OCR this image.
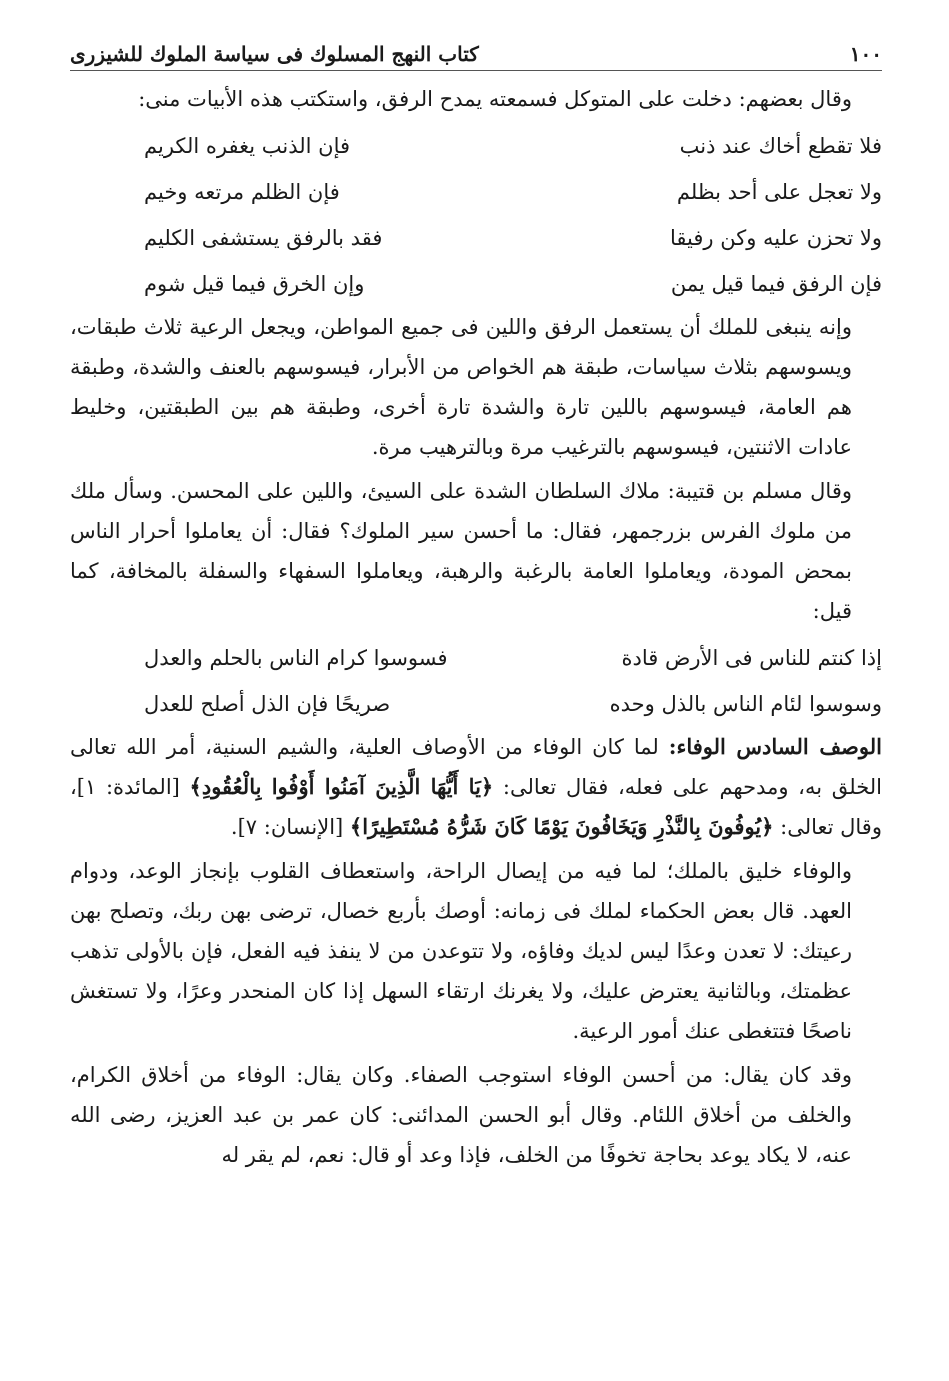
١٠٠
كتاب النهج المسلوك فى سياسة الملوك للشيزرى

وقال بعضهم: دخلت على المتوكل فسمعته يمدح الرفق، واستكتب هذه الأبيات منى:

فلا تقطع أخاك عند ذنب
فإن الذنب يغفره الكريم
ولا تعجل على أحد بظلم
فإن الظلم مرتعه وخيم
ولا تحزن عليه وكن رفيقا
فقد بالرفق يستشفى الكليم
فإن الرفق فيما قيل يمن
وإن الخرق فيما قيل شوم

وإنه ينبغى للملك أن يستعمل الرفق واللين فى جميع المواطن، ويجعل الرعية ثلاث طبقات، ويسوسهم بثلاث سياسات، طبقة هم الخواص من الأبرار، فيسوسهم بالعنف والشدة، وطبقة هم العامة، فيسوسهم باللين تارة والشدة تارة أخرى، وطبقة هم بين الطبقتين، وخليط عادات الاثنتين، فيسوسهم بالترغيب مرة وبالترهيب مرة.

وقال مسلم بن قتيبة: ملاك السلطان الشدة على السيئ، واللين على المحسن. وسأل ملك من ملوك الفرس بزرجمهر، فقال: ما أحسن سير الملوك؟ فقال: أن يعاملوا أحرار الناس بمحض المودة، ويعاملوا العامة بالرغبة والرهبة، ويعاملوا السفهاء والسفلة بالمخافة، كما قيل:

إذا كنتم للناس فى الأرض قادة
فسوسوا كرام الناس بالحلم والعدل
وسوسوا لئام الناس بالذل وحده
صريحًا فإن الذل أصلح للعدل

الوصف السادس الوفاء: لما كان الوفاء من الأوصاف العلية، والشيم السنية، أمر الله تعالى الخلق به، ومدحهم على فعله، فقال تعالى: ﴿يَا أَيُّهَا الَّذِينَ آمَنُوا أَوْفُوا بِالْعُقُودِ﴾ [المائدة: ١]، وقال تعالى: ﴿يُوفُونَ بِالنَّذْرِ وَيَخَافُونَ يَوْمًا كَانَ شَرُّهُ مُسْتَطِيرًا﴾ [الإنسان: ٧].

والوفاء خليق بالملك؛ لما فيه من إيصال الراحة، واستعطاف القلوب بإنجاز الوعد، ودوام العهد. قال بعض الحكماء لملك فى زمانه: أوصك بأربع خصال، ترضى بهن ربك، وتصلح بهن رعيتك: لا تعدن وعدًا ليس لديك وفاؤه، ولا تتوعدن من لا ينفذ فيه الفعل، فإن بالأولى تذهب عظمتك، وبالثانية يعترض عليك، ولا يغرنك ارتقاء السهل إذا كان المنحدر وعرًا، ولا تستغش ناصحًا فتتغطى عنك أمور الرعية.

وقد كان يقال: من أحسن الوفاء استوجب الصفاء. وكان يقال: الوفاء من أخلاق الكرام، والخلف من أخلاق اللئام. وقال أبو الحسن المدائنى: كان عمر بن عبد العزيز، رضى الله عنه، لا يكاد يوعد بحاجة تخوفًا من الخلف، فإذا وعد أو قال: نعم، لم يقر له
